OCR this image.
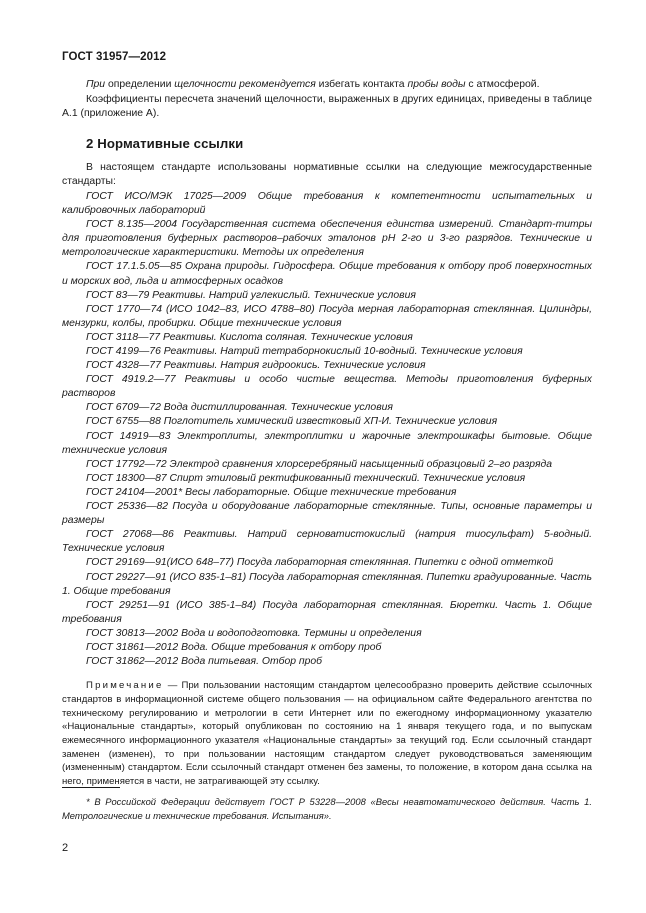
ГОСТ 31957—2012

При определении щелочности рекомендуется избегать контакта пробы воды с атмосферой.

Коэффициенты пересчета значений щелочности, выраженных в других единицах, приведены в таблице А.1 (приложение А).

2 Нормативные ссылки

В настоящем стандарте использованы нормативные ссылки на следующие межгосударственные стандарты:

ГОСТ ИСО/МЭК 17025—2009 Общие требования к компетентности испытательных и калибровочных лабораторий

ГОСТ 8.135—2004 Государственная система обеспечения единства измерений. Стандарт-титры для приготовления буферных растворов–рабочих эталонов pH 2-го и 3-го разрядов. Технические и метрологические характеристики. Методы их определения

ГОСТ 17.1.5.05—85 Охрана природы. Гидросфера. Общие требования к отбору проб поверхностных и морских вод, льда и атмосферных осадков

ГОСТ 83—79 Реактивы. Натрий углекислый. Технические условия

ГОСТ 1770—74 (ИСО 1042–83, ИСО 4788–80) Посуда мерная лабораторная стеклянная. Цилиндры, мензурки, колбы, пробирки. Общие технические условия

ГОСТ 3118—77 Реактивы. Кислота соляная. Технические условия

ГОСТ 4199—76 Реактивы. Натрий тетраборнокислый 10-водный. Технические условия

ГОСТ 4328—77 Реактивы. Натрия гидроокись. Технические условия

ГОСТ 4919.2—77 Реактивы и особо чистые вещества. Методы приготовления буферных растворов

ГОСТ 6709—72 Вода дистиллированная. Технические условия

ГОСТ 6755—88 Поглотитель химический известковый ХП-И. Технические условия

ГОСТ 14919—83 Электроплиты, электроплитки и жарочные электрошкафы бытовые. Общие технические условия

ГОСТ 17792—72 Электрод сравнения хлорсеребряный насыщенный образцовый 2–го разряда

ГОСТ 18300—87 Спирт этиловый ректификованный технический. Технические условия

ГОСТ 24104—2001* Весы лабораторные. Общие технические требования

ГОСТ 25336—82 Посуда и оборудование лабораторные стеклянные. Типы, основные параметры и размеры

ГОСТ 27068—86 Реактивы. Натрий серноватистокислый (натрия тиосульфат) 5-водный. Технические условия

ГОСТ 29169—91(ИСО 648–77) Посуда лабораторная стеклянная. Пипетки с одной отметкой

ГОСТ 29227—91 (ИСО 835-1–81) Посуда лабораторная стеклянная. Пипетки градуированные. Часть 1. Общие требования

ГОСТ 29251—91 (ИСО 385-1–84) Посуда лабораторная стеклянная. Бюретки. Часть 1. Общие требования

ГОСТ 30813—2002 Вода и водоподготовка. Термины и определения

ГОСТ 31861—2012 Вода. Общие требования к отбору проб

ГОСТ 31862—2012 Вода питьевая. Отбор проб

Примечание — При пользовании настоящим стандартом целесообразно проверить действие ссылочных стандартов в информационной системе общего пользования — на официальном сайте Федерального агентства по техническому регулированию и метрологии в сети Интернет или по ежегодному информационному указателю «Национальные стандарты», который опубликован по состоянию на 1 января текущего года, и по выпускам ежемесячного информационного указателя «Национальные стандарты» за текущий год. Если ссылочный стандарт заменен (изменен), то при пользовании настоящим стандартом следует руководствоваться заменяющим (измененным) стандартом. Если ссылочный стандарт отменен без замены, то положение, в котором дана ссылка на него, применяется в части, не затрагивающей эту ссылку.

* В Российской Федерации действует ГОСТ Р 53228—2008 «Весы неавтоматического действия. Часть 1. Метрологические и технические требования. Испытания».
2
